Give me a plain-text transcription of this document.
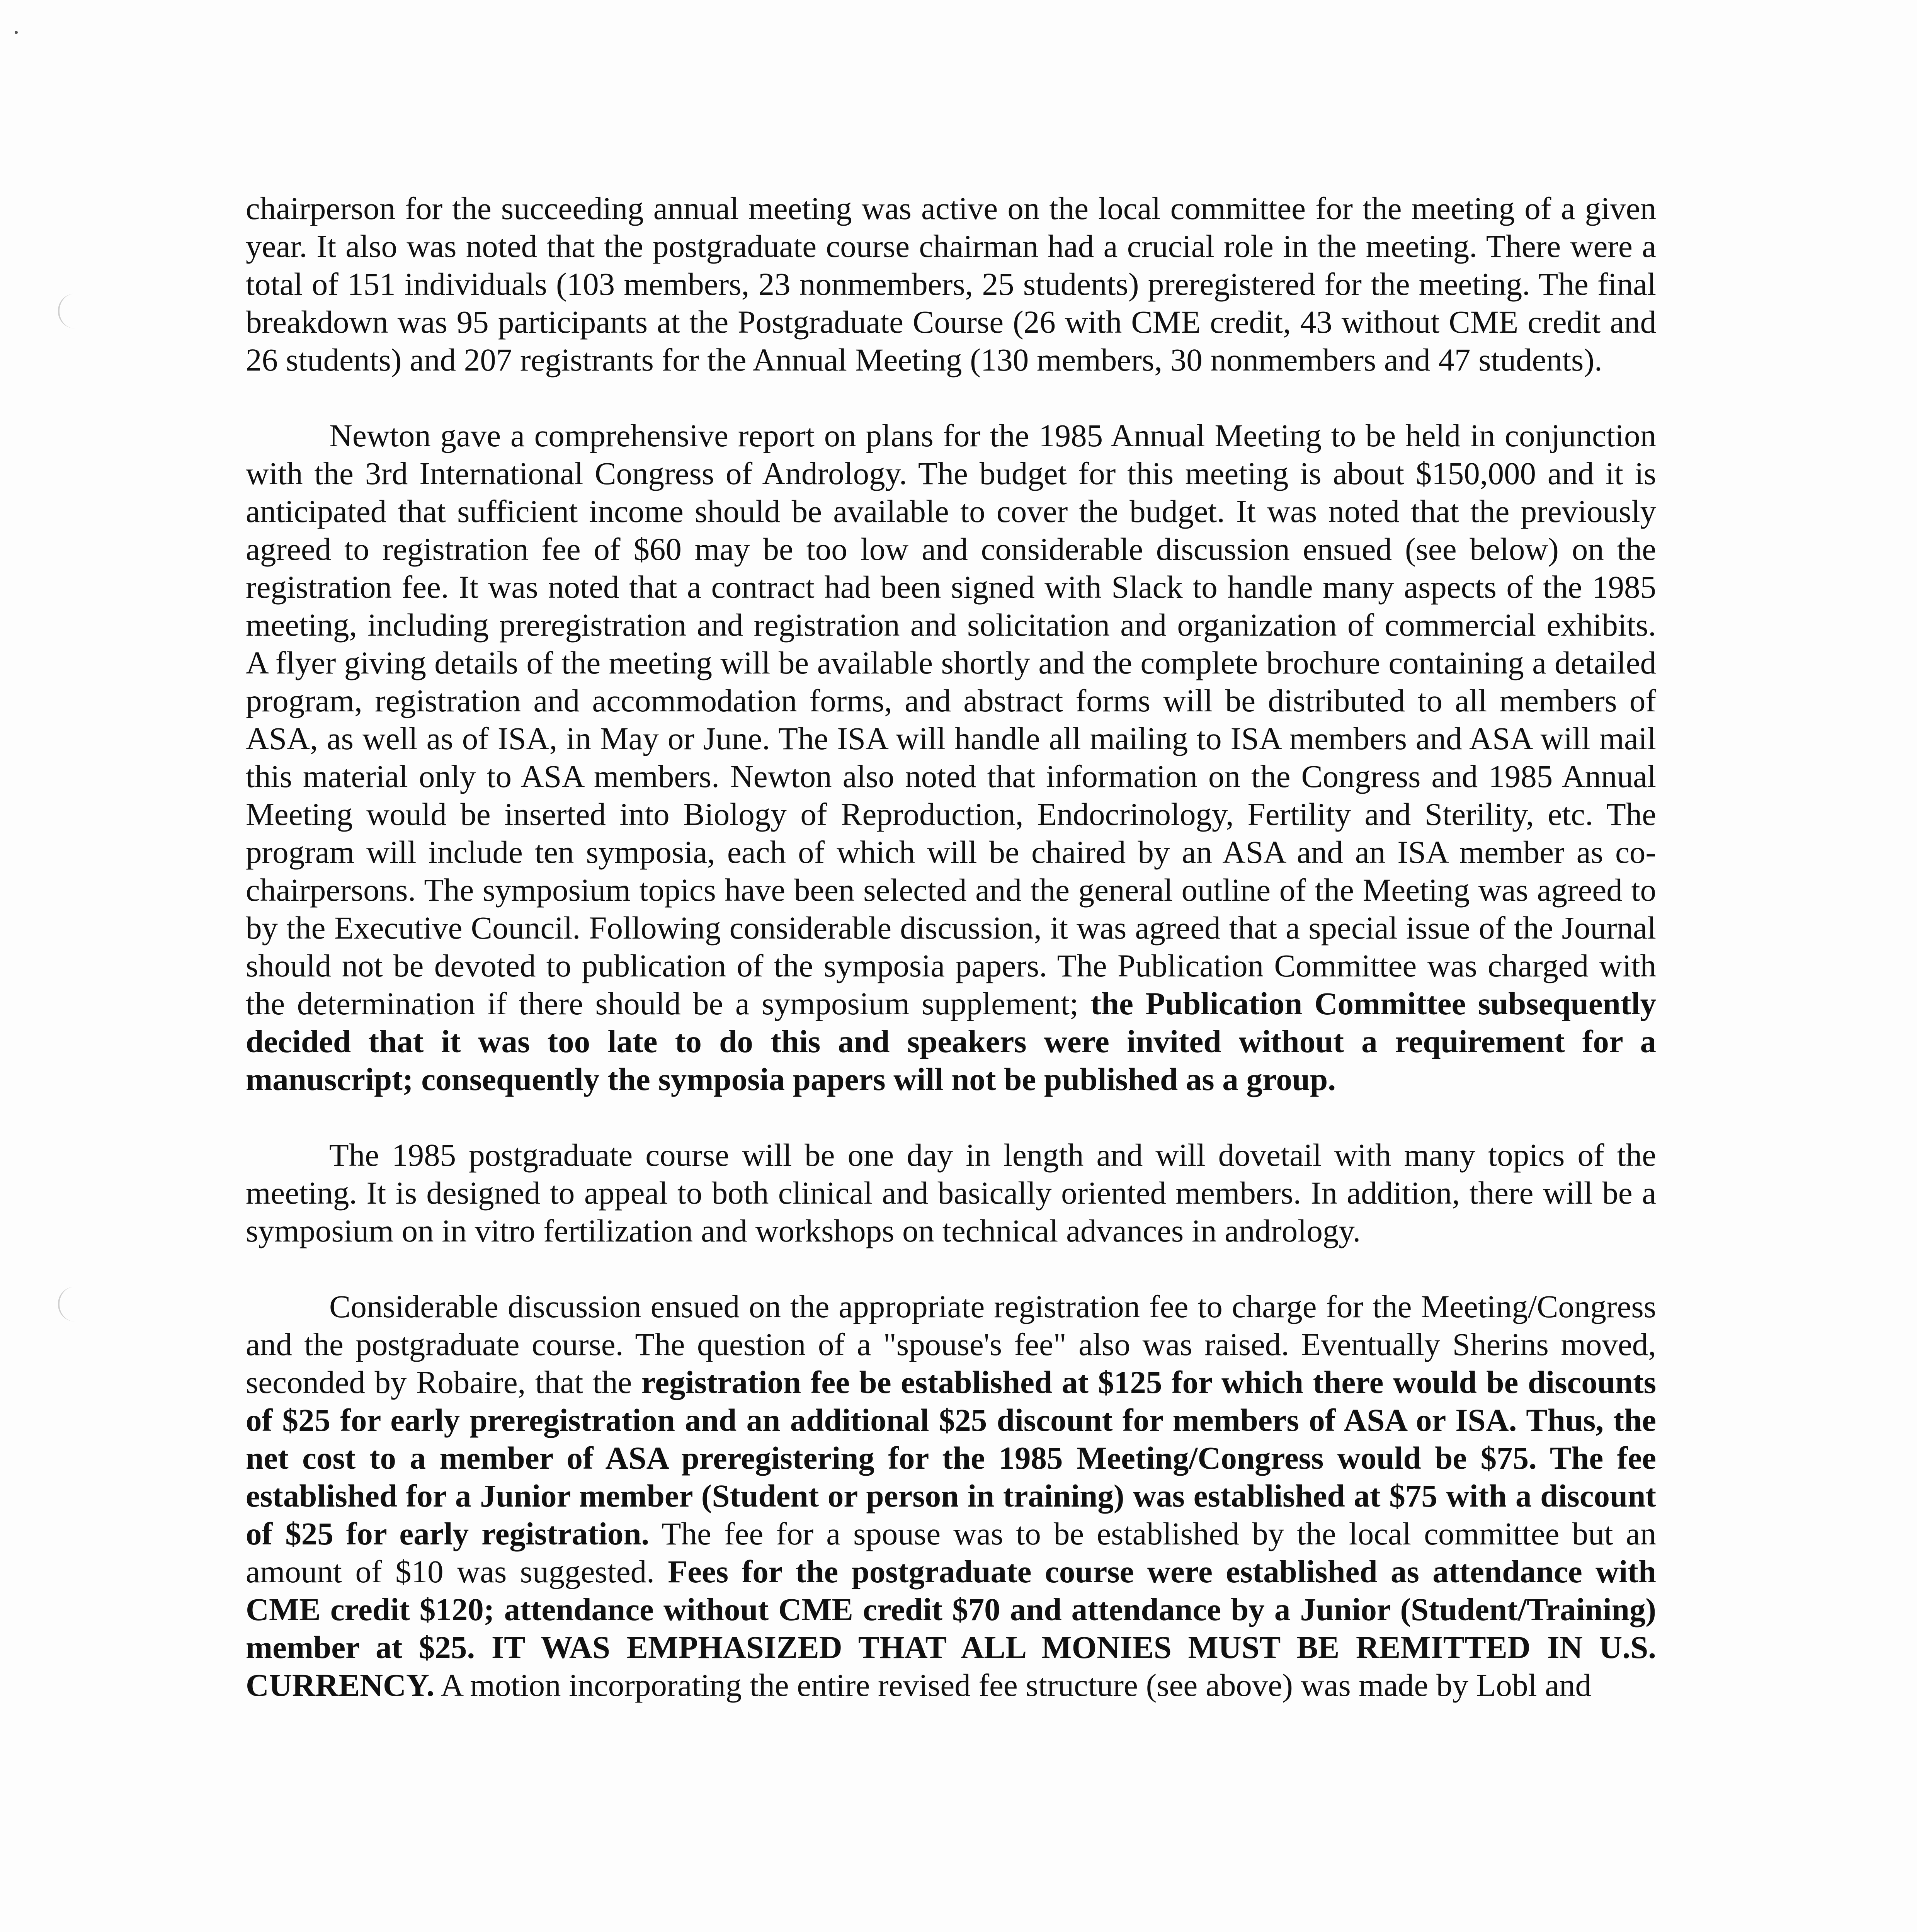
chairperson for the succeeding annual meeting was active on the local committee for the meeting of a given year. It also was noted that the postgraduate course chairman had a crucial role in the meeting. There were a total of 151 individuals (103 members, 23 nonmembers, 25 students) preregistered for the meeting. The final breakdown was 95 participants at the Postgraduate Course (26 with CME credit, 43 without CME credit and 26 students) and 207 registrants for the Annual Meeting (130 members, 30 nonmembers and 47 students).

Newton gave a comprehensive report on plans for the 1985 Annual Meeting to be held in conjunction with the 3rd International Congress of Andrology. The budget for this meeting is about $150,000 and it is anticipated that sufficient income should be available to cover the budget. It was noted that the previously agreed to registration fee of $60 may be too low and considerable discussion ensued (see below) on the registration fee. It was noted that a contract had been signed with Slack to handle many aspects of the 1985 meeting, including preregistration and registration and solicitation and organization of commercial exhibits. A flyer giving details of the meeting will be available shortly and the complete brochure containing a detailed program, registration and accommodation forms, and abstract forms will be distributed to all members of ASA, as well as of ISA, in May or June. The ISA will handle all mailing to ISA members and ASA will mail this material only to ASA members. Newton also noted that information on the Congress and 1985 Annual Meeting would be inserted into Biology of Reproduction, Endocrinology, Fertility and Sterility, etc. The program will include ten symposia, each of which will be chaired by an ASA and an ISA member as co-chairpersons. The symposium topics have been selected and the general outline of the Meeting was agreed to by the Executive Council. Following considerable discussion, it was agreed that a special issue of the Journal should not be devoted to publication of the symposia papers. The Publication Committee was charged with the determination if there should be a symposium supplement; the Publication Committee subsequently decided that it was too late to do this and speakers were invited without a requirement for a manuscript; consequently the symposia papers will not be published as a group.

The 1985 postgraduate course will be one day in length and will dovetail with many topics of the meeting. It is designed to appeal to both clinical and basically oriented members. In addition, there will be a symposium on in vitro fertilization and workshops on technical advances in andrology.

Considerable discussion ensued on the appropriate registration fee to charge for the Meeting/Congress and the postgraduate course. The question of a "spouse's fee" also was raised. Eventually Sherins moved, seconded by Robaire, that the registration fee be established at $125 for which there would be discounts of $25 for early preregistration and an additional $25 discount for members of ASA or ISA. Thus, the net cost to a member of ASA preregistering for the 1985 Meeting/Congress would be $75. The fee established for a Junior member (Student or person in training) was established at $75 with a discount of $25 for early registration. The fee for a spouse was to be established by the local committee but an amount of $10 was suggested. Fees for the postgraduate course were established as attendance with CME credit $120; attendance without CME credit $70 and attendance by a Junior (Student/Training) member at $25. IT WAS EMPHASIZED THAT ALL MONIES MUST BE REMITTED IN U.S. CURRENCY. A motion incorporating the entire revised fee structure (see above) was made by Lobl and
